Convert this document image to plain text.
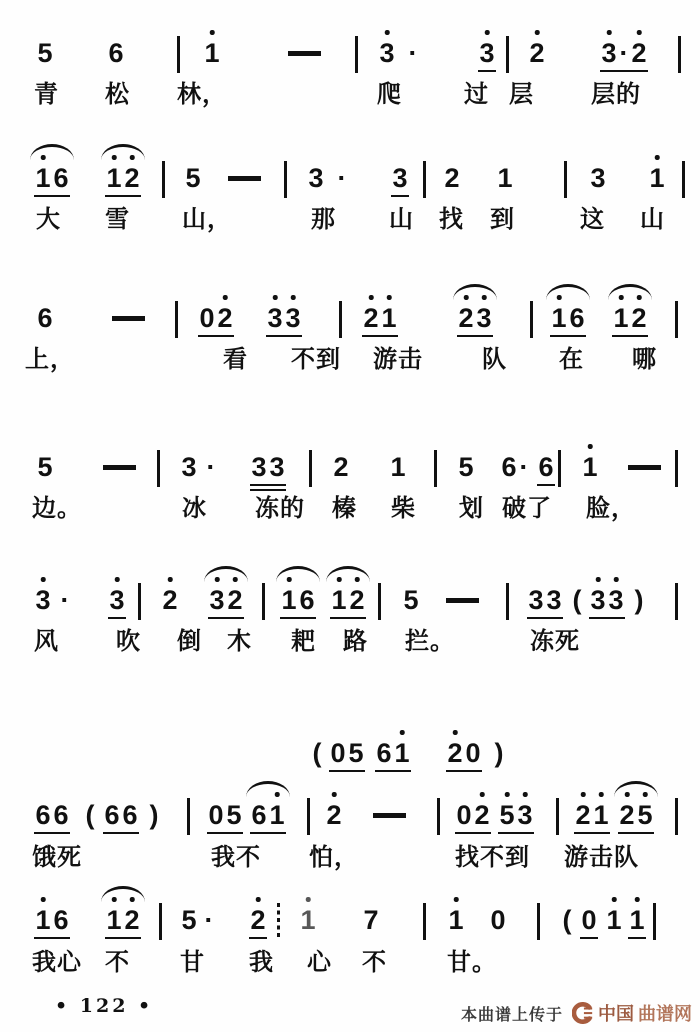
5 6	1	3 · 3 2 3 · 2
青 松 林，	爬	过 层 层的
1 6 1 2 5	3 · 3 2 1	3 1
大 雪 山，	那 山 找 到	这 山
6	0 2 3 3 2 1 2 3 1 6 1 2
上，	看 不到 游击 队 在 哪
5	3 · 3 3 2 1 5 6 · 6 1
边。	冰 冻的 榛 柴 划 破了 脸，
3 · 3 2 3 2 1 6 1 2 5	3 3 ( 3 3 )
风 吹 倒 木 耙 路 拦。	冻死
( 0 5 6 1 2 0 )
6 6 ( 6 6 ) 0 5 6 1 2	0 2 5 3 2 1 2 5
饿死	我不 怕，	找不到 游击队
1 6 1 2 5 · 2 1 7	1 0 ( 0 1 1
我心 不 甘 我 心 不	甘。
• 122 •	本曲谱上传于 中国 曲谱网
